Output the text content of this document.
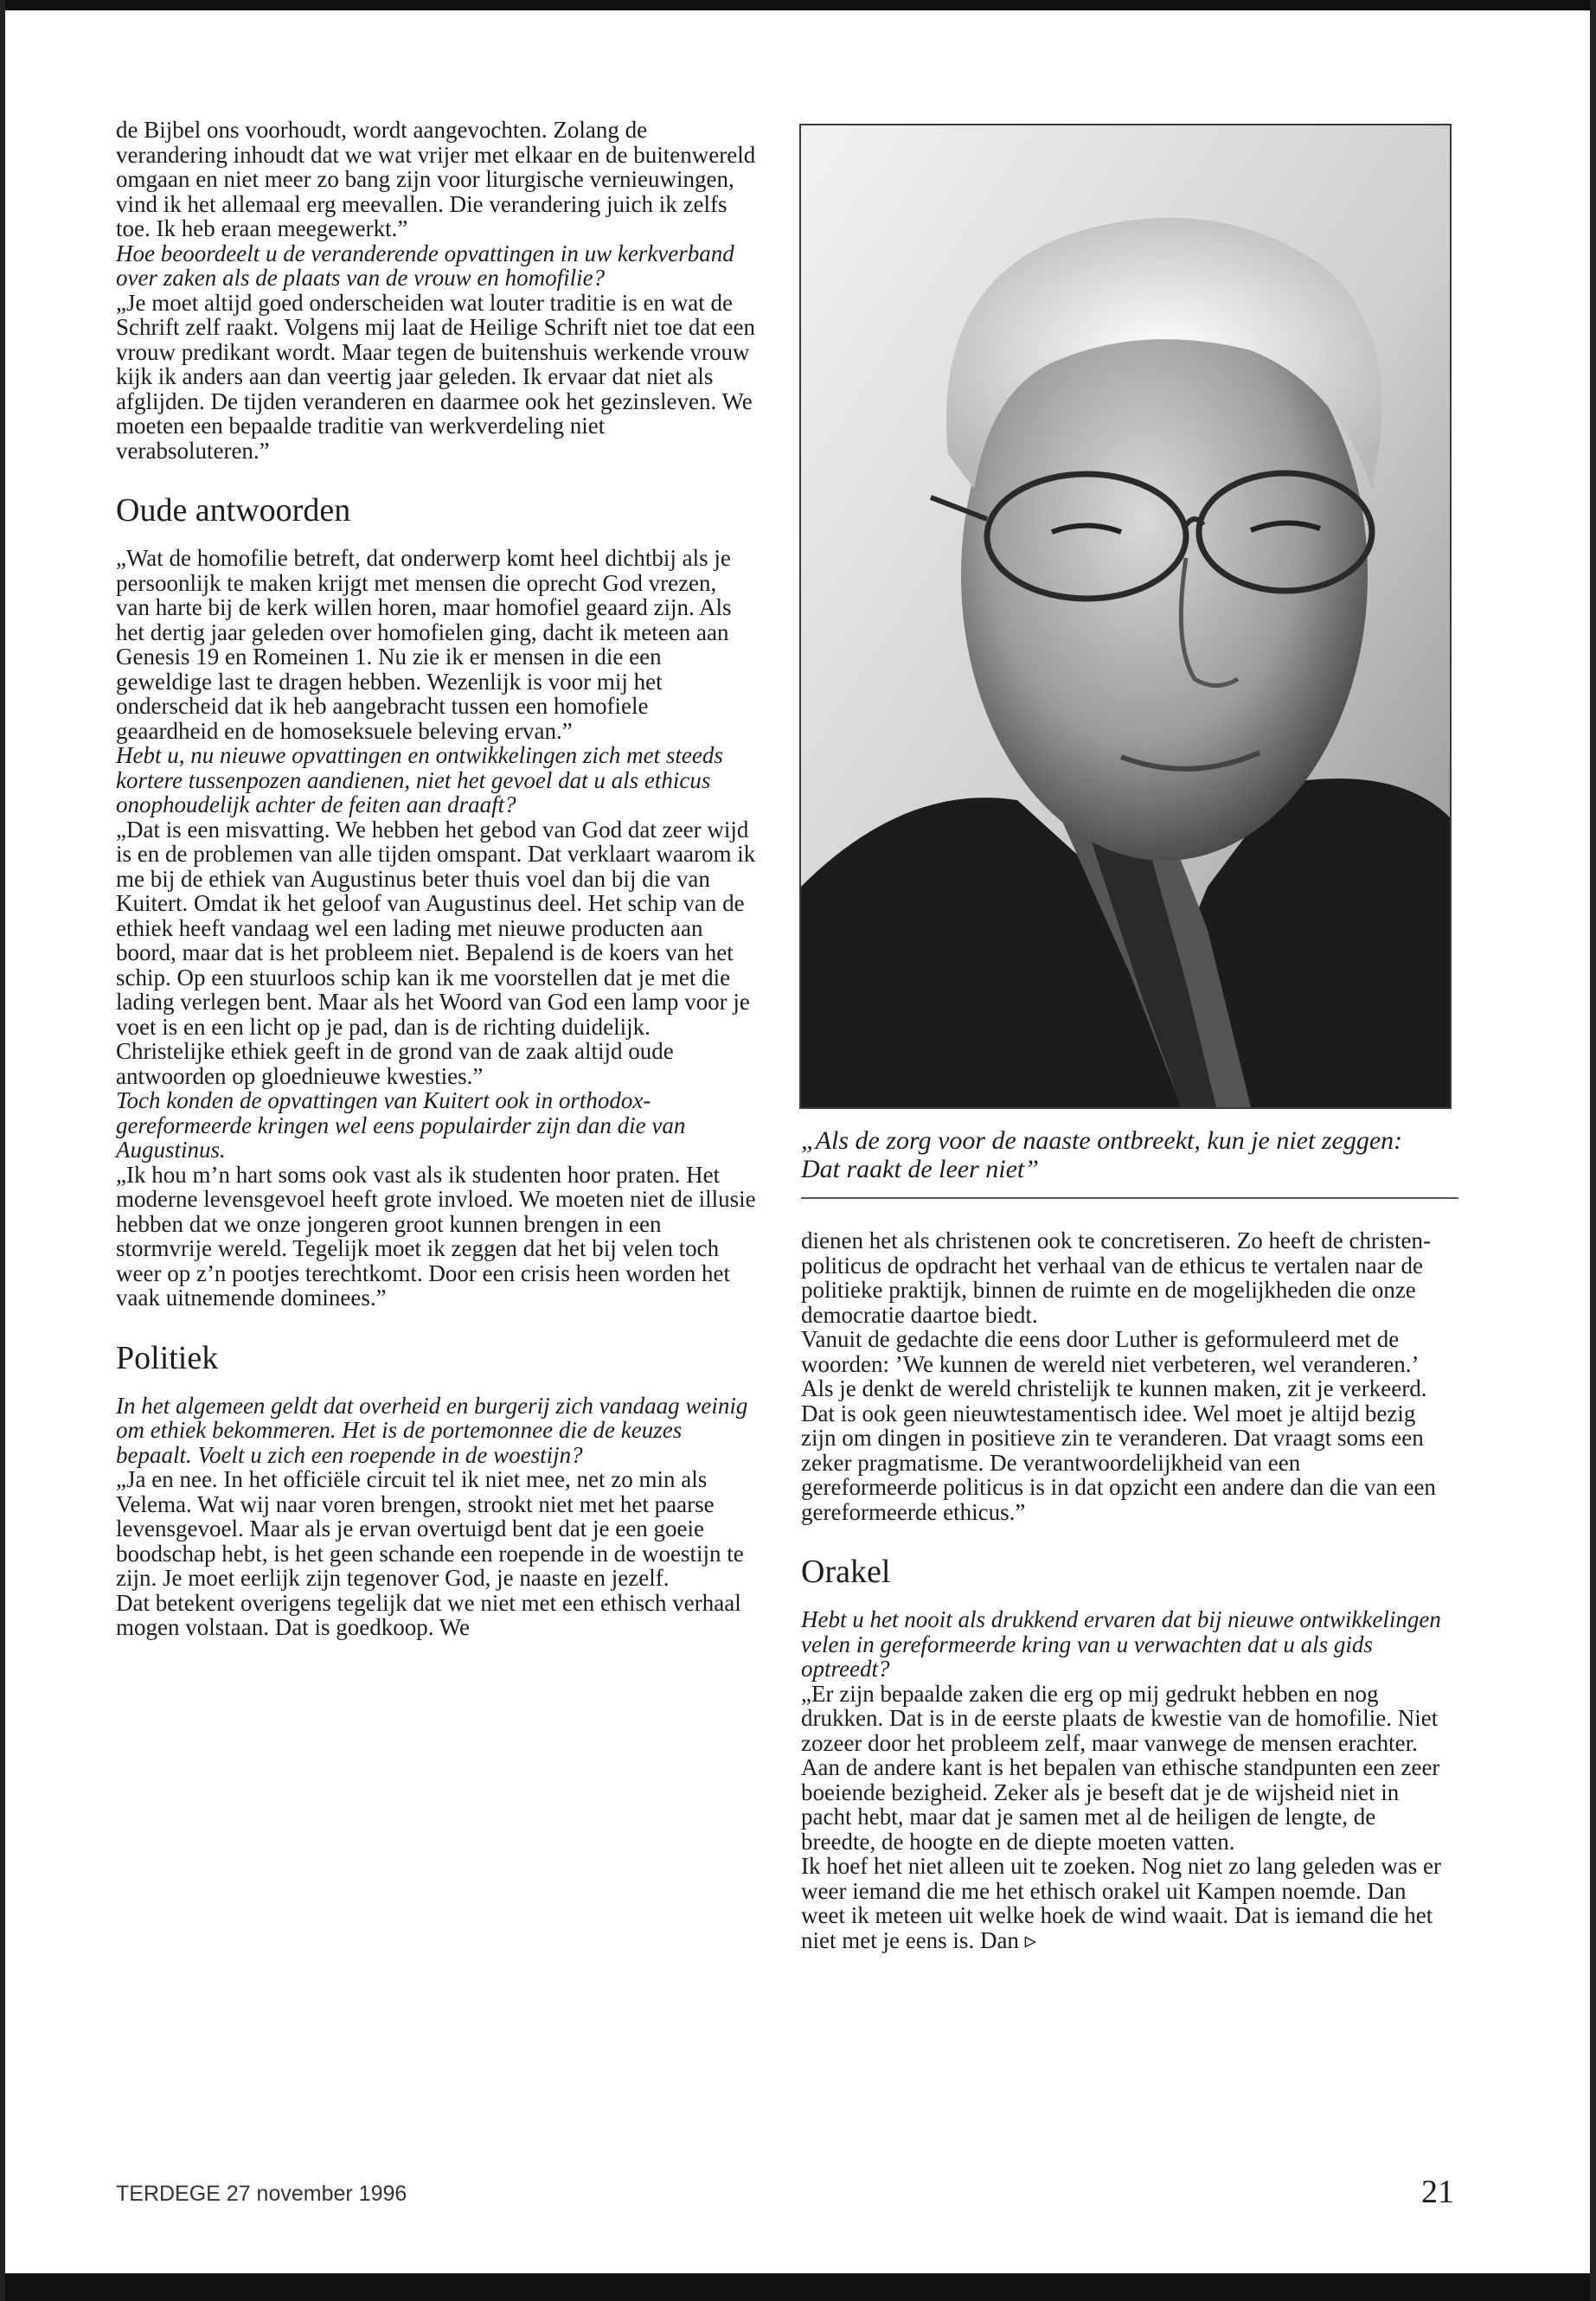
de Bijbel ons voorhoudt, wordt aangevochten. Zolang de verandering inhoudt dat we wat vrijer met elkaar en de buitenwereld omgaan en niet meer zo bang zijn voor liturgische vernieuwingen, vind ik het allemaal erg meevallen. Die verandering juich ik zelfs toe. Ik heb eraan meegewerkt.”

Hoe beoordeelt u de veranderende opvattingen in uw kerkverband over zaken als de plaats van de vrouw en homofilie?

„Je moet altijd goed onderscheiden wat louter traditie is en wat de Schrift zelf raakt. Volgens mij laat de Heilige Schrift niet toe dat een vrouw predikant wordt. Maar tegen de buitenshuis werkende vrouw kijk ik anders aan dan veertig jaar geleden. Ik ervaar dat niet als afglijden. De tijden veranderen en daarmee ook het gezinsleven. We moeten een bepaalde traditie van werkverdeling niet verabsoluteren.”

Oude antwoorden

„Wat de homofilie betreft, dat onderwerp komt heel dichtbij als je persoonlijk te maken krijgt met mensen die oprecht God vrezen, van harte bij de kerk willen horen, maar homofiel geaard zijn. Als het dertig jaar geleden over homofielen ging, dacht ik meteen aan Genesis 19 en Romeinen 1. Nu zie ik er mensen in die een geweldige last te dragen hebben. Wezenlijk is voor mij het onderscheid dat ik heb aangebracht tussen een homofiele geaardheid en de homoseksuele beleving ervan.”

Hebt u, nu nieuwe opvattingen en ontwikkelingen zich met steeds kortere tussenpozen aandienen, niet het gevoel dat u als ethicus onophoudelijk achter de feiten aan draaft?

„Dat is een misvatting. We hebben het gebod van God dat zeer wijd is en de problemen van alle tijden omspant. Dat verklaart waarom ik me bij de ethiek van Augustinus beter thuis voel dan bij die van Kuitert. Omdat ik het geloof van Augustinus deel. Het schip van de ethiek heeft vandaag wel een lading met nieuwe producten aan boord, maar dat is het probleem niet. Bepalend is de koers van het schip. Op een stuurloos schip kan ik me voorstellen dat je met die lading verlegen bent. Maar als het Woord van God een lamp voor je voet is en een licht op je pad, dan is de richting duidelijk. Christelijke ethiek geeft in de grond van de zaak altijd oude antwoorden op gloednieuwe kwesties.”

Toch konden de opvattingen van Kuitert ook in orthodox-gereformeerde kringen wel eens populairder zijn dan die van Augustinus.

„Ik hou m’n hart soms ook vast als ik studenten hoor praten. Het moderne levensgevoel heeft grote invloed. We moeten niet de illusie hebben dat we onze jongeren groot kunnen brengen in een stormvrije wereld. Tegelijk moet ik zeggen dat het bij velen toch weer op z’n pootjes terechtkomt. Door een crisis heen worden het vaak uitnemende dominees.”

Politiek

In het algemeen geldt dat overheid en burgerij zich vandaag weinig om ethiek bekommeren. Het is de portemonnee die de keuzes bepaalt. Voelt u zich een roepende in de woestijn?

„Ja en nee. In het officiële circuit tel ik niet mee, net zo min als Velema. Wat wij naar voren brengen, strookt niet met het paarse levensgevoel. Maar als je ervan overtuigd bent dat je een goeie boodschap hebt, is het geen schande een roepende in de woestijn te zijn. Je moet eerlijk zijn tegenover God, je naaste en jezelf.

Dat betekent overigens tegelijk dat we niet met een ethisch verhaal mogen volstaan. Dat is goedkoop. We

„Als de zorg voor de naaste ontbreekt, kun je niet zeggen: Dat raakt de leer niet”

dienen het als christenen ook te concretiseren. Zo heeft de christen-politicus de opdracht het verhaal van de ethicus te vertalen naar de politieke praktijk, binnen de ruimte en de mogelijkheden die onze democratie daartoe biedt.

Vanuit de gedachte die eens door Luther is geformuleerd met de woorden: ’We kunnen de wereld niet verbeteren, wel veranderen.’

Als je denkt de wereld christelijk te kunnen maken, zit je verkeerd. Dat is ook geen nieuwtestamentisch idee. Wel moet je altijd bezig zijn om dingen in positieve zin te veranderen. Dat vraagt soms een zeker pragmatisme. De verantwoordelijkheid van een gereformeerde politicus is in dat opzicht een andere dan die van een gereformeerde ethicus.”

Orakel

Hebt u het nooit als drukkend ervaren dat bij nieuwe ontwikkelingen velen in gereformeerde kring van u verwachten dat u als gids optreedt?

„Er zijn bepaalde zaken die erg op mij gedrukt hebben en nog drukken. Dat is in de eerste plaats de kwestie van de homofilie. Niet zozeer door het probleem zelf, maar vanwege de mensen erachter. Aan de andere kant is het bepalen van ethische standpunten een zeer boeiende bezigheid. Zeker als je beseft dat je de wijsheid niet in pacht hebt, maar dat je samen met al de heiligen de lengte, de breedte, de hoogte en de diepte moeten vatten.

Ik hoef het niet alleen uit te zoeken. Nog niet zo lang geleden was er weer iemand die me het ethisch orakel uit Kampen noemde. Dan weet ik meteen uit welke hoek de wind waait. Dat is iemand die het niet met je eens is. Dan ▹

TERDEGE 27 november 1996	21
